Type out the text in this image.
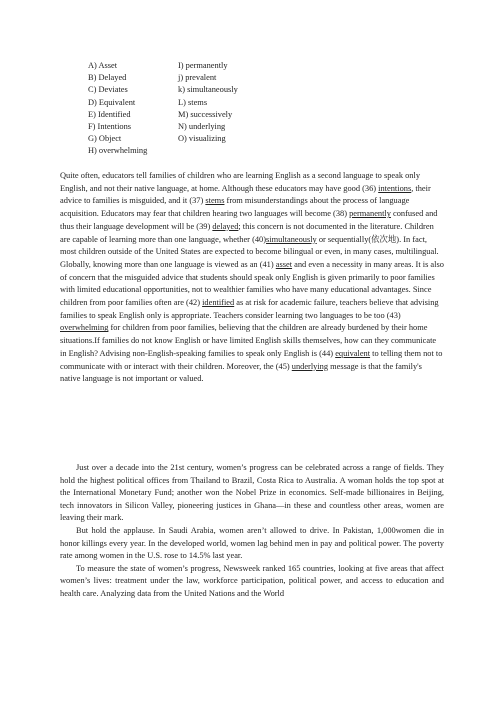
A) Asset	I) permanently
B) Delayed	j) prevalent
C) Deviates	k) simultaneously
D) Equivalent	L) stems
E) Identified	M) successively
F) Intentions	N) underlying
G) Object	O) visualizing
H) overwhelming

Quite often, educators tell families of children who are learning English as a second language to speak only English, and not their native language, at home. Although these educators may have good (36) intentions, their advice to families is misguided, and it (37) stems from misunderstandings about the process of language acquisition. Educators may fear that children hearing two languages will become (38) permanently confused and thus their language development will be (39) delayed; this concern is not documented in the literature. Children are capable of learning more than one language, whether (40)simultaneously or sequentially(依次地). In fact, most children outside of the United States are expected to become bilingual or even, in many cases, multilingual. Globally, knowing more than one language is viewed as an (41) asset and even a necessity in many areas. It is also of concern that the misguided advice that students should speak only English is given primarily to poor families with limited educational opportunities, not to wealthier families who have many educational advantages. Since children from poor families often are (42) identified as at risk for academic failure, teachers believe that advising families to speak English only is appropriate. Teachers consider learning two languages to be too (43) overwhelming for children from poor families, believing that the children are already burdened by their home situations.If families do not know English or have limited English skills themselves, how can they communicate in English? Advising non-English-speaking families to speak only English is (44) equivalent to telling them not to communicate with or interact with their children. Moreover, the (45) underlying message is that the family's native language is not important or valued.

Just over a decade into the 21st century, women’s progress can be celebrated across a range of fields. They hold the highest political offices from Thailand to Brazil, Costa Rica to Australia. A woman holds the top spot at the International Monetary Fund; another won the Nobel Prize in economics. Self-made billionaires in Beijing, tech innovators in Silicon Valley, pioneering justices in Ghana—in these and countless other areas, women are leaving their mark.

But hold the applause. In Saudi Arabia, women aren’t allowed to drive. In Pakistan, 1,000women die in honor killings every year. In the developed world, women lag behind men in pay and political power. The poverty rate among women in the U.S. rose to 14.5% last year.

To measure the state of women’s progress, Newsweek ranked 165 countries, looking at five areas that affect women’s lives: treatment under the law, workforce participation, political power, and access to education and health care. Analyzing data from the United Nations and the World
